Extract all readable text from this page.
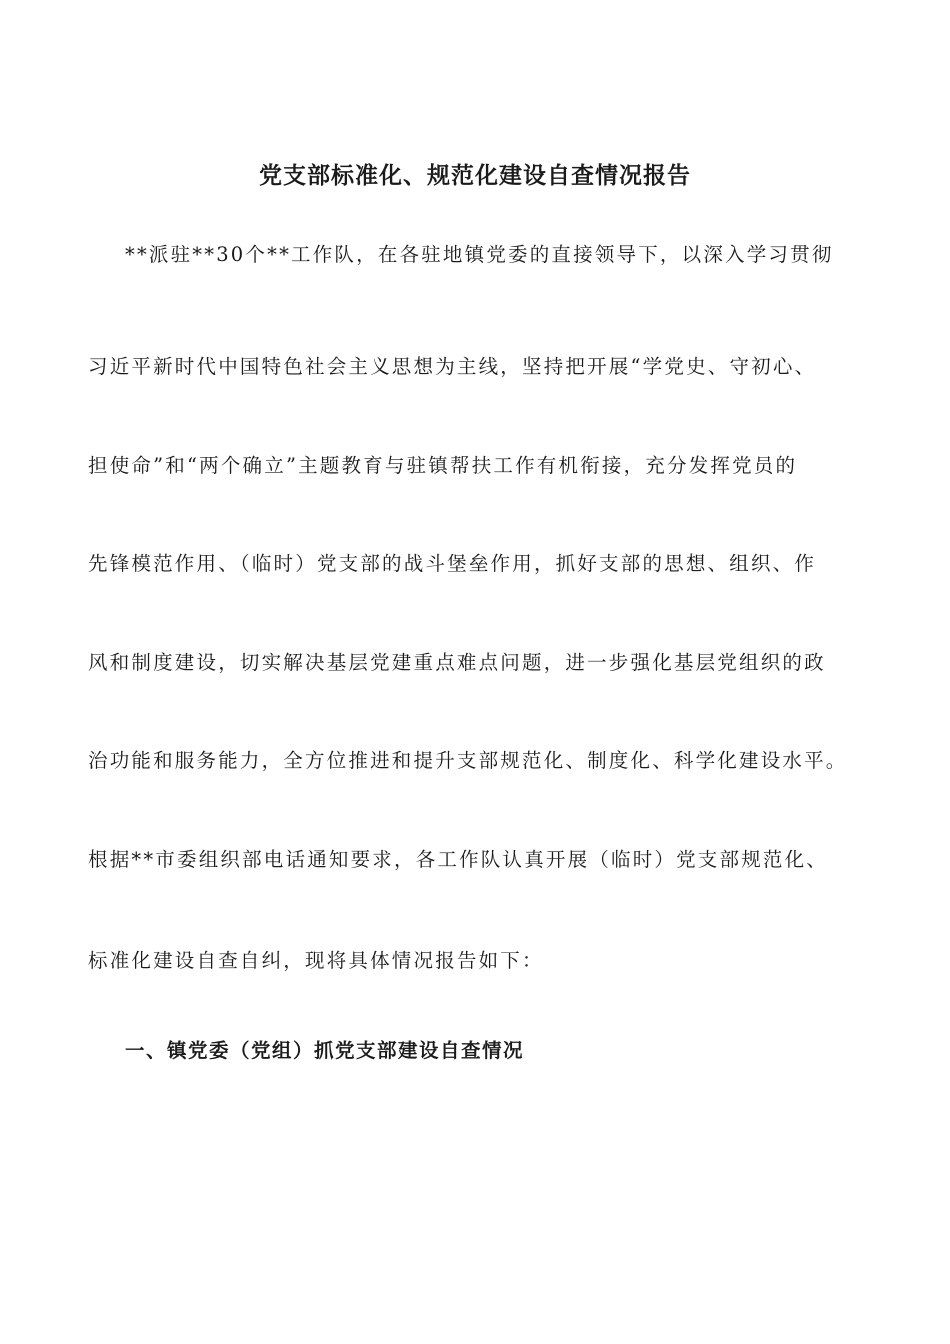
党支部标准化、规范化建设自查情况报告
**派驻**30个**工作队，在各驻地镇党委的直接领导下，以深入学习贯彻
习近平新时代中国特色社会主义思想为主线，坚持把开展“学党史、守初心、
担使命”和“两个确立”主题教育与驻镇帮扶工作有机衔接，充分发挥党员的
先锋模范作用、（临时）党支部的战斗堡垒作用，抓好支部的思想、组织、作
风和制度建设，切实解决基层党建重点难点问题，进一步强化基层党组织的政
治功能和服务能力，全方位推进和提升支部规范化、制度化、科学化建设水平。
根据**市委组织部电话通知要求，各工作队认真开展（临时）党支部规范化、
标准化建设自查自纠，现将具体情况报告如下：
一、镇党委（党组）抓党支部建设自查情况
